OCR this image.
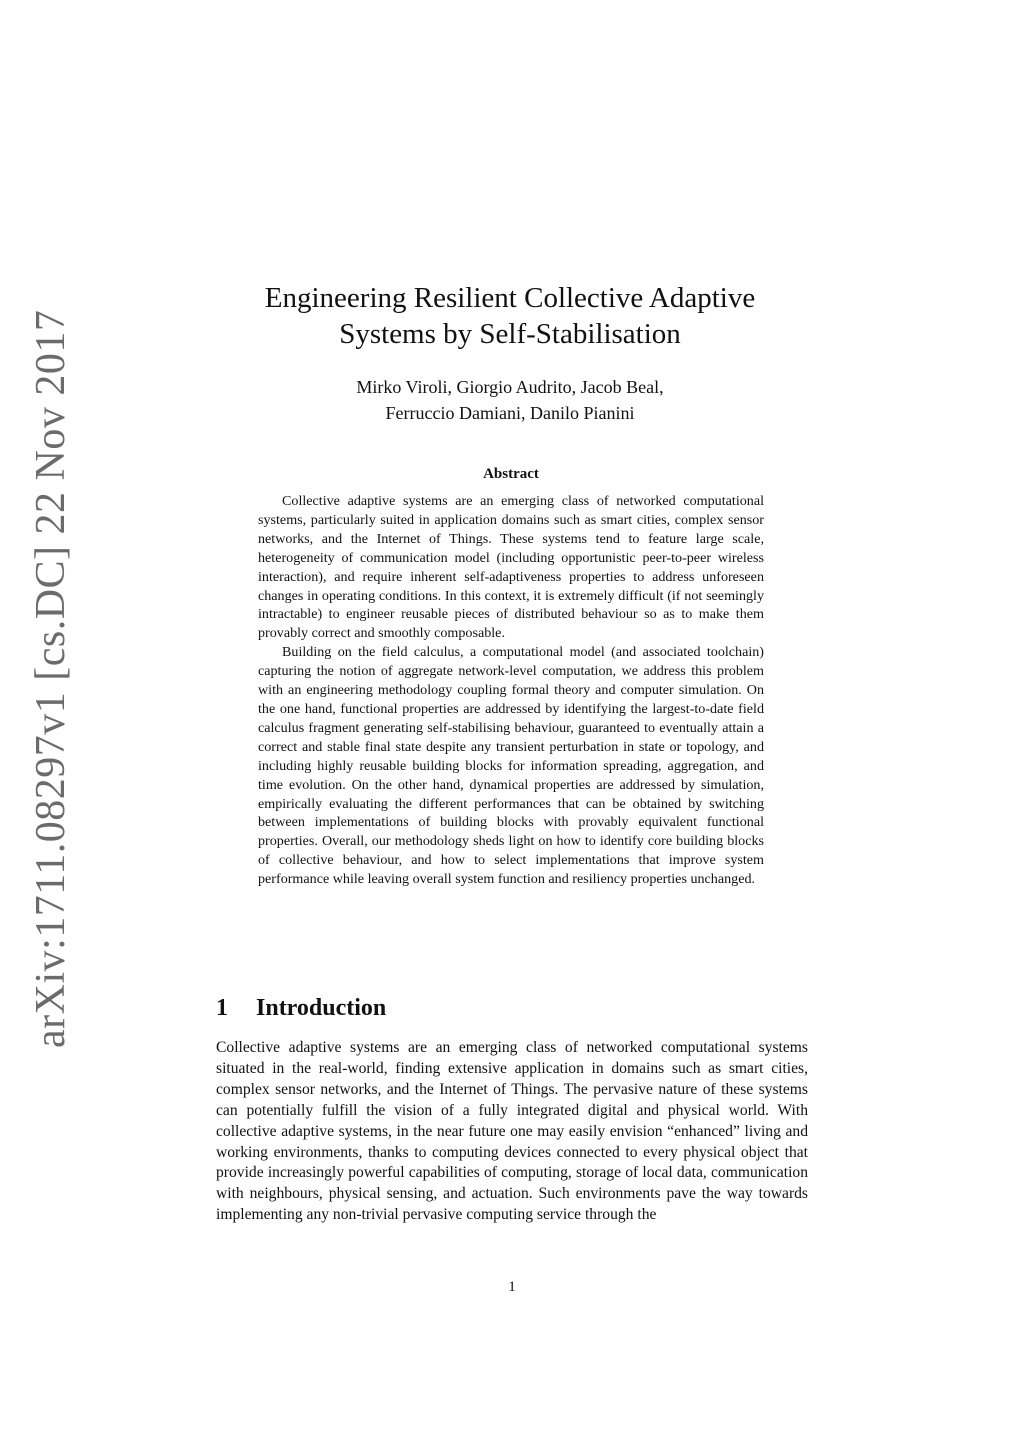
arXiv:1711.08297v1 [cs.DC] 22 Nov 2017
Engineering Resilient Collective Adaptive
Systems by Self-Stabilisation
Mirko Viroli, Giorgio Audrito, Jacob Beal,
Ferruccio Damiani, Danilo Pianini
Abstract

Collective adaptive systems are an emerging class of networked computational systems, particularly suited in application domains such as smart cities, complex sensor networks, and the Internet of Things. These systems tend to feature large scale, heterogeneity of communication model (including opportunistic peer-to-peer wireless interaction), and require inherent self-adaptiveness properties to address unforeseen changes in operating conditions. In this context, it is extremely difficult (if not seemingly intractable) to engineer reusable pieces of distributed behaviour so as to make them provably correct and smoothly composable.

Building on the field calculus, a computational model (and associated toolchain) capturing the notion of aggregate network-level computation, we address this problem with an engineering methodology coupling formal theory and computer simulation. On the one hand, functional properties are addressed by identifying the largest-to-date field calculus fragment generating self-stabilising behaviour, guaranteed to eventually attain a correct and stable final state despite any transient perturbation in state or topology, and including highly reusable building blocks for information spreading, aggregation, and time evolution. On the other hand, dynamical properties are addressed by simulation, empirically evaluating the different performances that can be obtained by switching between implementations of building blocks with provably equivalent functional properties. Overall, our methodology sheds light on how to identify core building blocks of collective behaviour, and how to select implementations that improve system performance while leaving overall system function and resiliency properties unchanged.

1 Introduction

Collective adaptive systems are an emerging class of networked computational systems situated in the real-world, finding extensive application in domains such as smart cities, complex sensor networks, and the Internet of Things. The pervasive nature of these systems can potentially fulfill the vision of a fully integrated digital and physical world. With collective adaptive systems, in the near future one may easily envision “enhanced” living and working environments, thanks to computing devices connected to every physical object that provide increasingly powerful capabilities of computing, storage of local data, communication with neighbours, physical sensing, and actuation. Such environments pave the way towards implementing any non-trivial pervasive computing service through the

1
